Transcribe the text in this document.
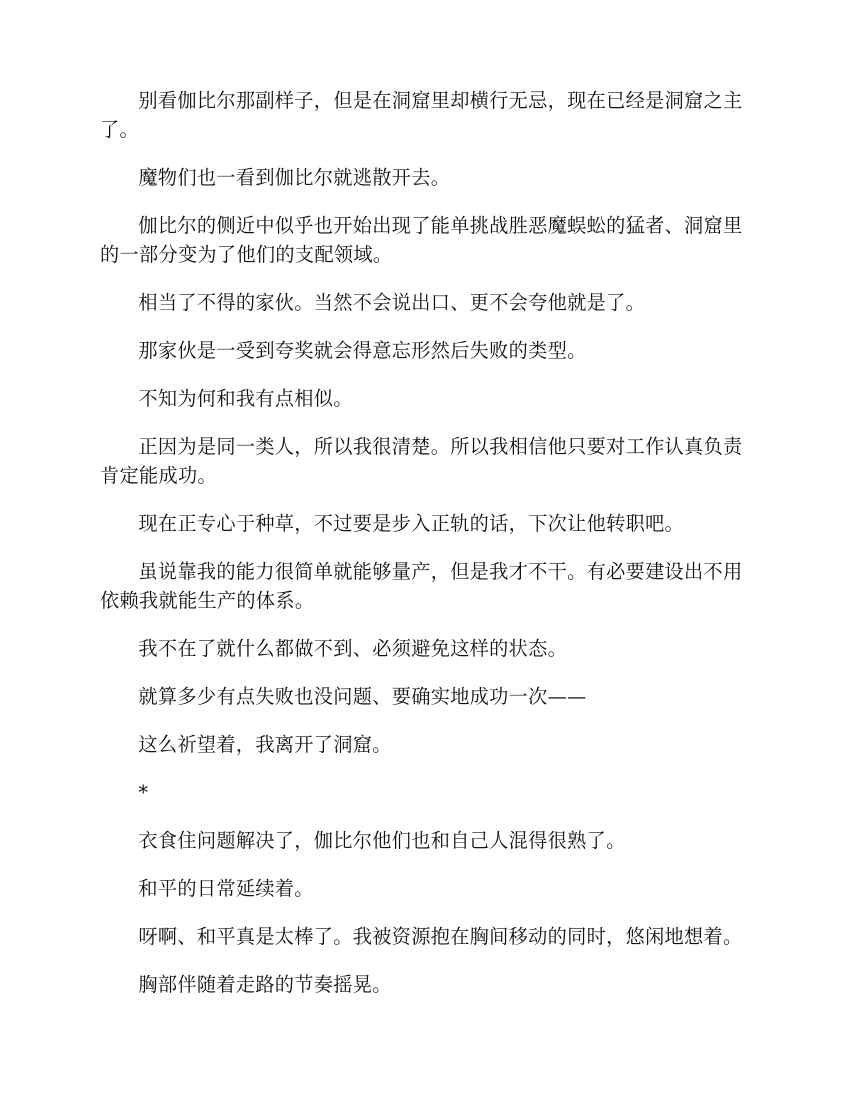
别看伽比尔那副样子，但是在洞窟里却横行无忌，现在已经是洞窟之主了。

魔物们也一看到伽比尔就逃散开去。

伽比尔的侧近中似乎也开始出现了能单挑战胜恶魔蜈蚣的猛者、洞窟里的一部分变为了他们的支配领域。

相当了不得的家伙。当然不会说出口、更不会夸他就是了。

那家伙是一受到夸奖就会得意忘形然后失败的类型。

不知为何和我有点相似。

正因为是同一类人，所以我很清楚。所以我相信他只要对工作认真负责肯定能成功。

现在正专心于种草，不过要是步入正轨的话，下次让他转职吧。

虽说靠我的能力很简单就能够量产，但是我才不干。有必要建设出不用依赖我就能生产的体系。

我不在了就什么都做不到、必须避免这样的状态。

就算多少有点失败也没问题、要确实地成功一次——

这么祈望着，我离开了洞窟。

*

衣食住问题解决了，伽比尔他们也和自己人混得很熟了。

和平的日常延续着。

呀啊、和平真是太棒了。我被资源抱在胸间移动的同时，悠闲地想着。

胸部伴随着走路的节奏摇晃。
